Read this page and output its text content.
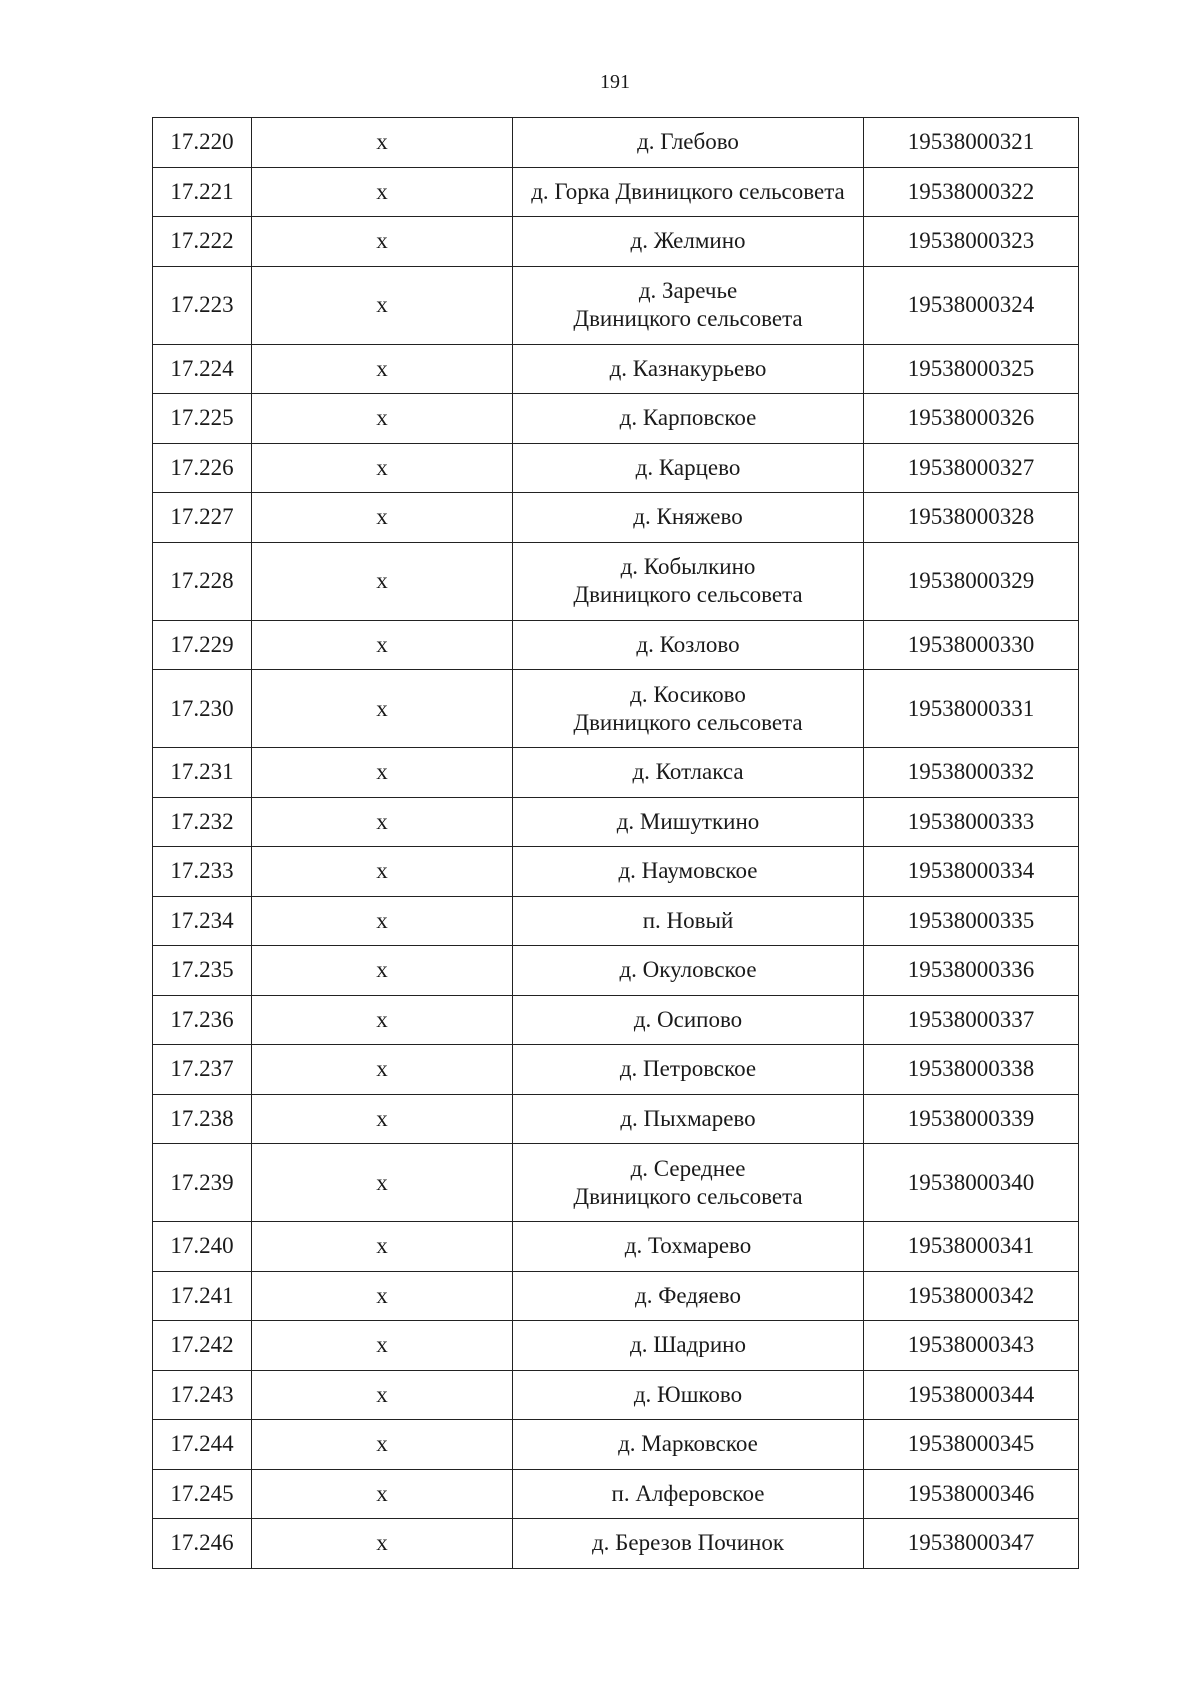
191
17.220	х	д. Глебово	19538000321
17.221	х	д. Горка Двиницкого сельсовета	19538000322
17.222	х	д. Желмино	19538000323
17.223	х	д. Заречье
Двиницкого сельсовета	19538000324
17.224	х	д. Казнакурьево	19538000325
17.225	х	д. Карповское	19538000326
17.226	х	д. Карцево	19538000327
17.227	х	д. Княжево	19538000328
17.228	х	д. Кобылкино
Двиницкого сельсовета	19538000329
17.229	х	д. Козлово	19538000330
17.230	х	д. Косиково
Двиницкого сельсовета	19538000331
17.231	х	д. Котлакса	19538000332
17.232	х	д. Мишуткино	19538000333
17.233	х	д. Наумовское	19538000334
17.234	х	п. Новый	19538000335
17.235	х	д. Окуловское	19538000336
17.236	х	д. Осипово	19538000337
17.237	х	д. Петровское	19538000338
17.238	х	д. Пыхмарево	19538000339
17.239	х	д. Середнее
Двиницкого сельсовета	19538000340
17.240	х	д. Тохмарево	19538000341
17.241	х	д. Федяево	19538000342
17.242	х	д. Шадрино	19538000343
17.243	х	д. Юшково	19538000344
17.244	х	д. Марковское	19538000345
17.245	х	п. Алферовское	19538000346
17.246	х	д. Березов Починок	19538000347
